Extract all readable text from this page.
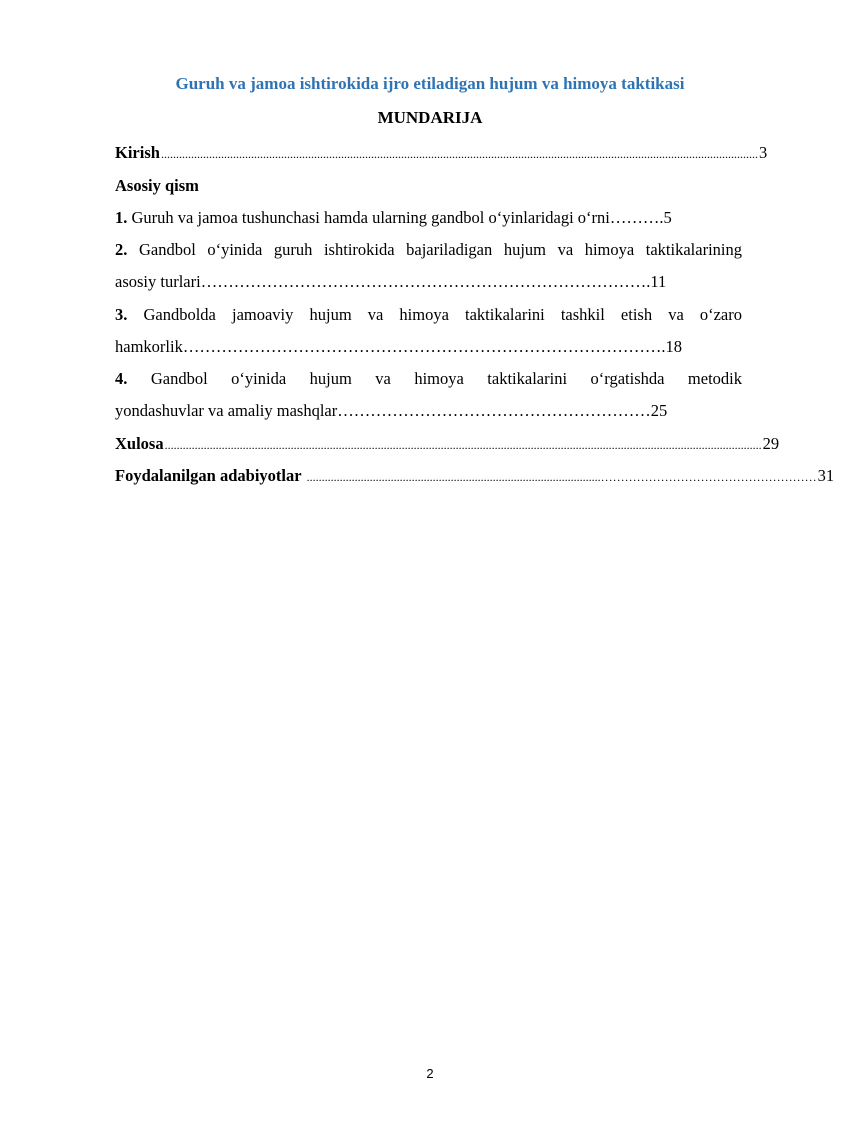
Guruh va jamoa ishtirokida ijro etiladigan hujum va himoya taktikasi
MUNDARIJA
Kirish ....................................................................................................................................................................................................... 3
Asosiy qism
1. Guruh va jamoa tushunchasi hamda ularning gandbol o‘yinlaridagi o‘rni……….5
2. Gandbol o‘yinida guruh ishtirokida bajariladigan hujum va himoya taktikalarining
asosiy turlari……………………………………………………………………….11
3. Gandbolda jamoaviy hujum va himoya taktikalarini tashkil etish va o‘zaro
hamkorlik…………………………………………………………………………….18
4. Gandbol o‘yinida hujum va himoya taktikalarini o‘rgatishda metodik
yondashuvlar va amaliy mashqlar…………………………………………………25
Xulosa ....................................................................................................................................................................................................... 29
Foydalanilgan adabiyotlar ..................................................................................................……………………………………………… 31
2
